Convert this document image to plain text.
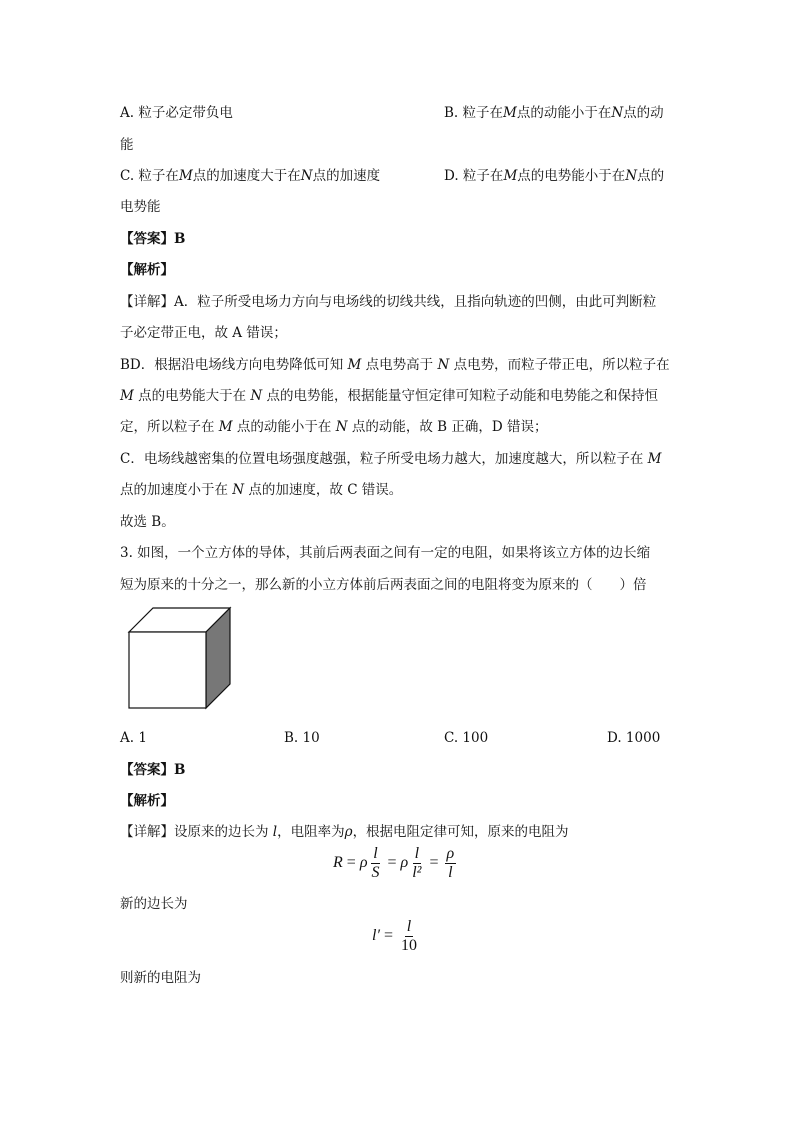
A. 粒子必定带负电	B. 粒子在M点的动能小于在N点的动
能
C. 粒子在M点的加速度大于在N点的加速度	D. 粒子在M点的电势能小于在N点的
电势能
【答案】B
【解析】
【详解】A．粒子所受电场力方向与电场线的切线共线，且指向轨迹的凹侧，由此可判断粒
子必定带正电，故 A 错误；
BD．根据沿电场线方向电势降低可知 M 点电势高于 N 点电势，而粒子带正电，所以粒子在
M 点的电势能大于在 N 点的电势能，根据能量守恒定律可知粒子动能和电势能之和保持恒
定，所以粒子在 M 点的动能小于在 N 点的动能，故 B 正确，D 错误；
C．电场线越密集的位置电场强度越强，粒子所受电场力越大，加速度越大，所以粒子在 M
点的加速度小于在 N 点的加速度，故 C 错误。
故选 B。
3. 如图，一个立方体的导体，其前后两表面之间有一定的电阻，如果将该立方体的边长缩
短为原来的十分之一，那么新的小立方体前后两表面之间的电阻将变为原来的（　　）倍
A. 1	B. 10	C. 100	D. 1000
【答案】B
【解析】
【详解】设原来的边长为 l，电阻率为ρ，根据电阻定律可知，原来的电阻为
R = ρ $\frac{l}{S} = \rho \frac{l}{\text{l²}} = \frac{\rho}{l}$
新的边长为
$l' = \frac{l}{10}$
则新的电阻为
